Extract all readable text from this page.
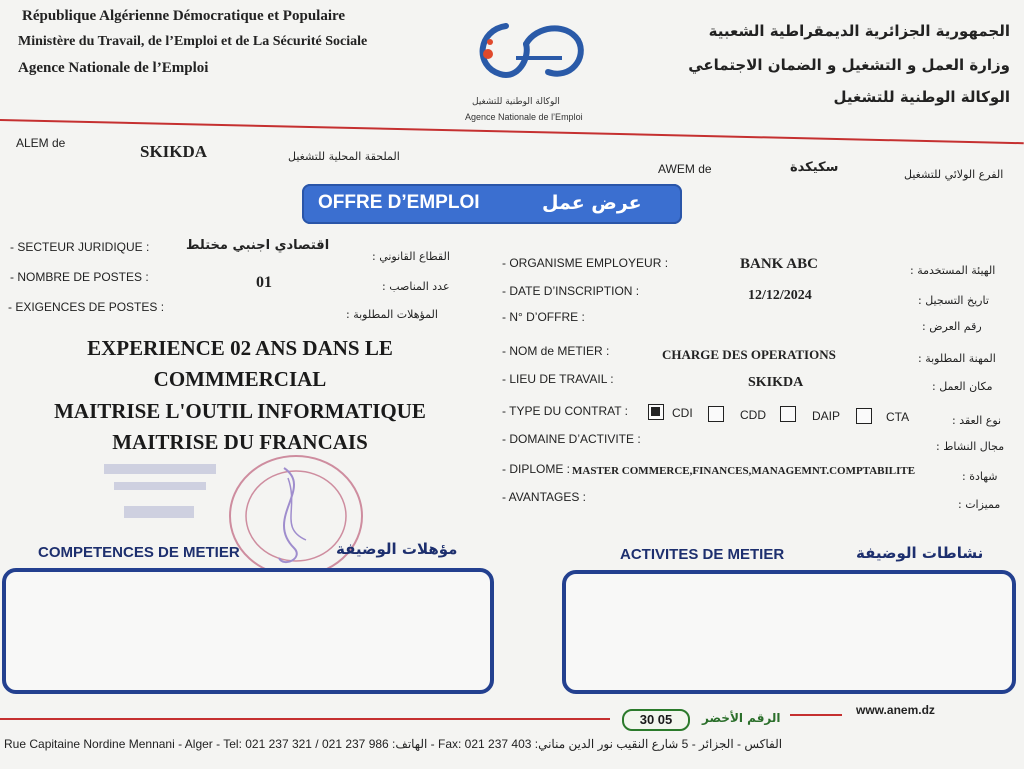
République Algérienne Démocratique et Populaire
Ministère du Travail, de l’Emploi et de La Sécurité Sociale
Agence Nationale de l’Emploi
الوكالة الوطنية للتشغيل
Agence Nationale de l’Emploi
الجمهورية الجزائرية الديمقراطية الشعبية
وزارة العمل و التشغيل و الضمان الاجتماعي
الوكالة الوطنية للتشغيل
ALEM de	SKIKDA	الملحقة المحلية للتشغيل
AWEM de	سكيكدة	الفرع الولائي للتشغيل
OFFRE D’EMPLOI	عرض عمل
- SECTEUR JURIDIQUE :	اقتصادي اجنبي مختلط
القطاع القانوني :
- NOMBRE DE POSTES :	01	عدد المناصب :
- EXIGENCES DE POSTES :
المؤهلات المطلوبة :
EXPERIENCE 02 ANS DANS LE
COMMMERCIAL
MAITRISE L'OUTIL INFORMATIQUE
MAITRISE DU FRANCAIS
- ORGANISME EMPLOYEUR :	BANK ABC	الهيئة المستخدمة :
- DATE D’INSCRIPTION :	12/12/2024	تاريخ التسجيل :
- N° D’OFFRE :
رقم العرض :
- NOM de METIER :	CHARGE DES OPERATIONS	المهنة المطلوبة :
- LIEU DE TRAVAIL :	SKIKDA	مكان العمل :
- TYPE DU CONTRAT :	CDI	CDD	DAIP	CTA	نوع العقد :
- DOMAINE D’ACTIVITE :
مجال النشاط :
- DIPLOME : MASTER COMMERCE,FINANCES,MANAGEMNT.COMPTABILITE	شهادة :
- AVANTAGES :
مميزات :
COMPETENCES DE METIER	مؤهلات الوضيفة	ACTIVITES DE METIER	نشاطات الوضيفة
30 05	الرقم الأخضر
www.anem.dz
Rue Capitaine Nordine Mennani - Alger - Tel: 021 237 321 / 021 237 986 :الهاتف - Fax: 021 237 403 :الفاكس - الجزائر - 5 شارع النقيب نور الدين مناني
